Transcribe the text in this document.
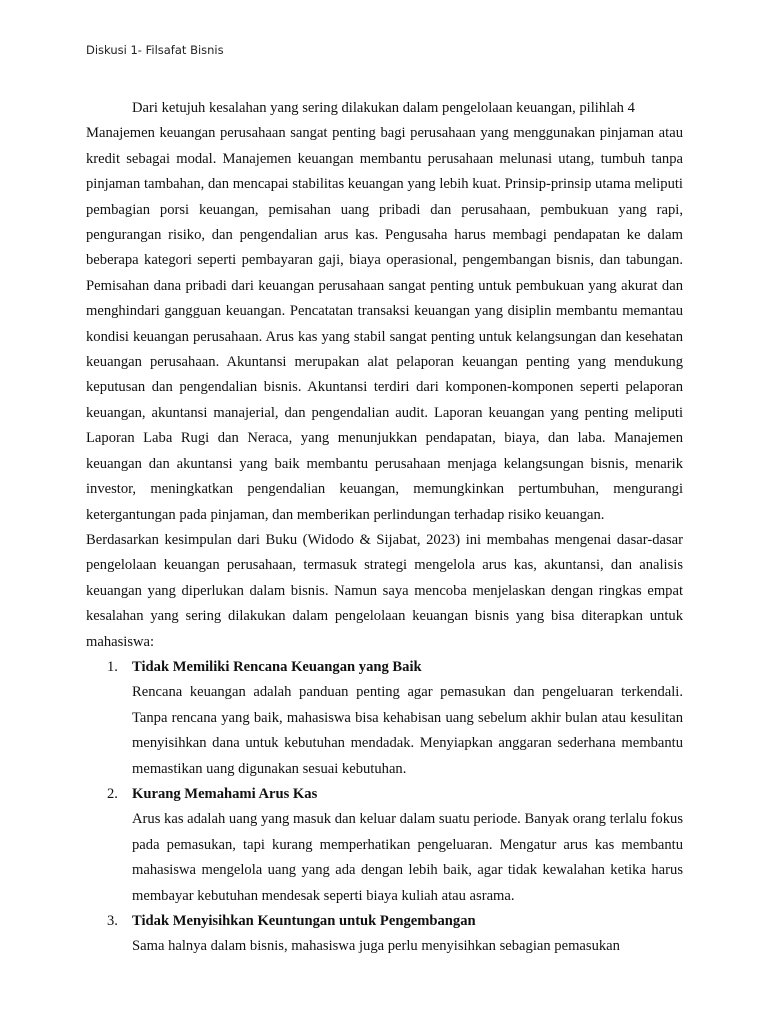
Diskusi 1- Filsafat Bisnis

Dari ketujuh kesalahan yang sering dilakukan dalam pengelolaan keuangan, pilihlah 4
Manajemen keuangan perusahaan sangat penting bagi perusahaan yang menggunakan pinjaman atau kredit sebagai modal. Manajemen keuangan membantu perusahaan melunasi utang, tumbuh tanpa pinjaman tambahan, dan mencapai stabilitas keuangan yang lebih kuat. Prinsip-prinsip utama meliputi pembagian porsi keuangan, pemisahan uang pribadi dan perusahaan, pembukuan yang rapi, pengurangan risiko, dan pengendalian arus kas. Pengusaha harus membagi pendapatan ke dalam beberapa kategori seperti pembayaran gaji, biaya operasional, pengembangan bisnis, dan tabungan. Pemisahan dana pribadi dari keuangan perusahaan sangat penting untuk pembukuan yang akurat dan menghindari gangguan keuangan. Pencatatan transaksi keuangan yang disiplin membantu memantau kondisi keuangan perusahaan. Arus kas yang stabil sangat penting untuk kelangsungan dan kesehatan keuangan perusahaan. Akuntansi merupakan alat pelaporan keuangan penting yang mendukung keputusan dan pengendalian bisnis. Akuntansi terdiri dari komponen-komponen seperti pelaporan keuangan, akuntansi manajerial, dan pengendalian audit. Laporan keuangan yang penting meliputi Laporan Laba Rugi dan Neraca, yang menunjukkan pendapatan, biaya, dan laba. Manajemen keuangan dan akuntansi yang baik membantu perusahaan menjaga kelangsungan bisnis, menarik investor, meningkatkan pengendalian keuangan, memungkinkan pertumbuhan, mengurangi ketergantungan pada pinjaman, dan memberikan perlindungan terhadap risiko keuangan.

Berdasarkan kesimpulan dari Buku (Widodo & Sijabat, 2023) ini membahas mengenai dasar-dasar pengelolaan keuangan perusahaan, termasuk strategi mengelola arus kas, akuntansi, dan analisis keuangan yang diperlukan dalam bisnis. Namun saya mencoba menjelaskan dengan ringkas empat kesalahan yang sering dilakukan dalam pengelolaan keuangan bisnis yang bisa diterapkan untuk mahasiswa:

1. Tidak Memiliki Rencana Keuangan yang Baik
Rencana keuangan adalah panduan penting agar pemasukan dan pengeluaran terkendali. Tanpa rencana yang baik, mahasiswa bisa kehabisan uang sebelum akhir bulan atau kesulitan menyisihkan dana untuk kebutuhan mendadak. Menyiapkan anggaran sederhana membantu memastikan uang digunakan sesuai kebutuhan.
2. Kurang Memahami Arus Kas
Arus kas adalah uang yang masuk dan keluar dalam suatu periode. Banyak orang terlalu fokus pada pemasukan, tapi kurang memperhatikan pengeluaran. Mengatur arus kas membantu mahasiswa mengelola uang yang ada dengan lebih baik, agar tidak kewalahan ketika harus membayar kebutuhan mendesak seperti biaya kuliah atau asrama.
3. Tidak Menyisihkan Keuntungan untuk Pengembangan
Sama halnya dalam bisnis, mahasiswa juga perlu menyisihkan sebagian pemasukan
